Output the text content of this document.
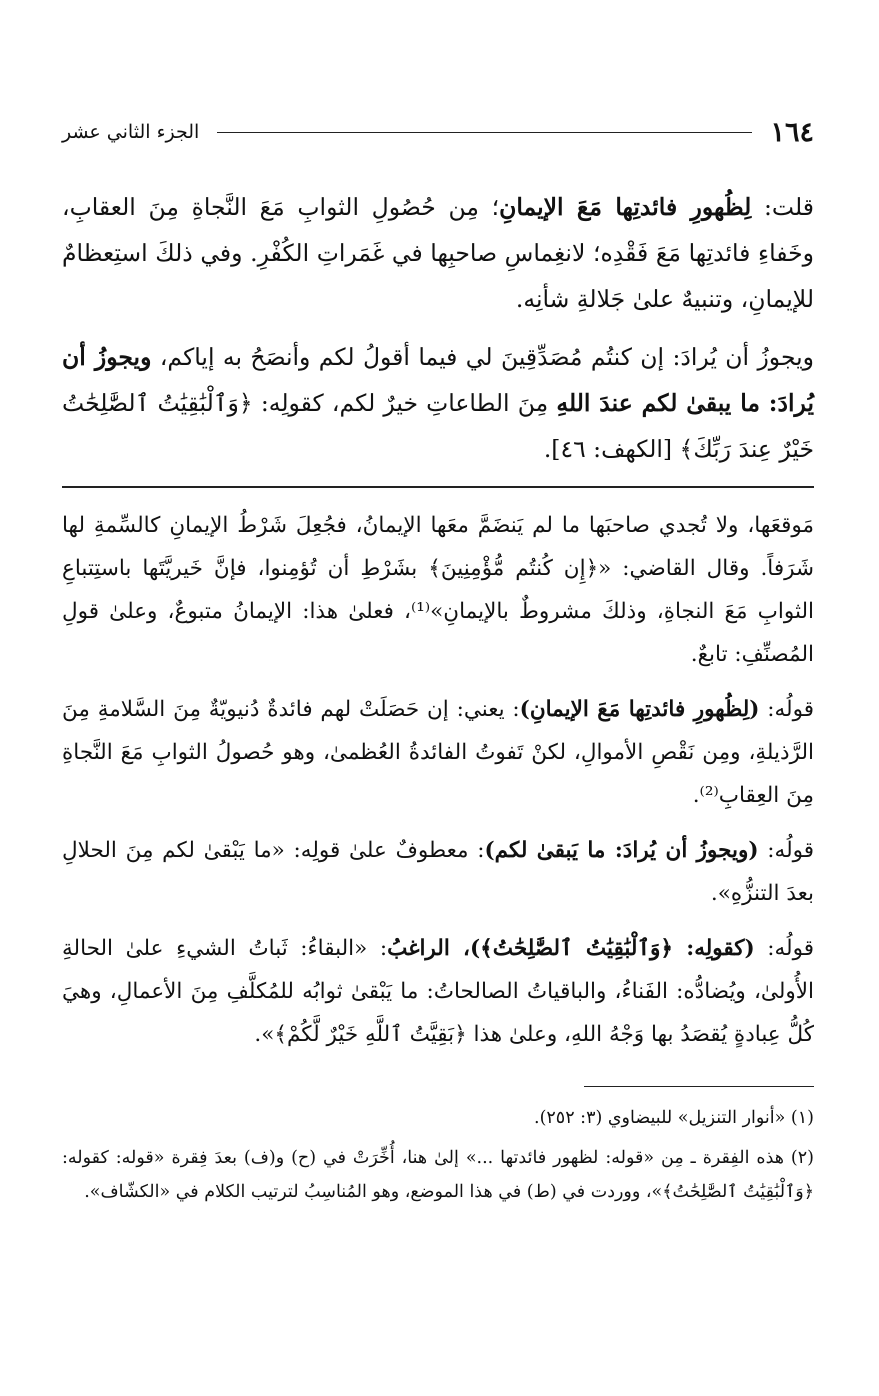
١٦٤
الجزء الثاني عشر

قلت: لِظُهورِ فائدتِها مَعَ الإيمانِ؛ مِن حُصُولِ الثوابِ مَعَ النَّجاةِ مِنَ العقابِ، وخَفاءِ فائدتِها مَعَ فَقْدِه؛ لانغِماسِ صاحبِها في غَمَراتِ الكُفْرِ. وفي ذلكَ استِعظامٌ للإيمانِ، وتنبيهٌ علىٰ جَلالةِ شأنِه.

ويجوزُ أن يُرادَ: إن كنتُم مُصَدِّقِينَ لي فيما أقولُ لكم وأنصَحُ به إياكم، ويجوزُ أن يُرادَ: ما يبقىٰ لكم عندَ اللهِ مِنَ الطاعاتِ خيرٌ لكم، كقولِه: ﴿وَٱلْبَٰقِيَٰتُ ٱلصَّٰلِحَٰتُ خَيْرٌ عِندَ رَبِّكَ﴾ [الكهف: ٤٦].

مَوقعَها، ولا تُجدي صاحبَها ما لم يَنضَمَّ معَها الإيمانُ، فجُعِلَ شَرْطُ الإيمانِ كالسِّمةِ لها شَرَفاً. وقال القاضي: «﴿إِن كُنتُم مُّؤْمِنِينَ﴾ بشَرْطِ أن تُؤمِنوا، فإنَّ خَيريَّتَها باستِتباعِ الثوابِ مَعَ النجاةِ، وذلكَ مشروطٌ بالإيمانِ»⁽¹⁾، فعلىٰ هذا: الإيمانُ متبوعٌ، وعلىٰ قولِ المُصنِّفِ: تابعٌ.

قولُه: (لِظُهورِ فائدتِها مَعَ الإيمانِ): يعني: إن حَصَلَتْ لهم فائدةٌ دُنيويّةٌ مِنَ السَّلامةِ مِنَ الرَّذيلةِ، ومِن نَقْصِ الأموالِ، لكنْ تَفوتُ الفائدةُ العُظمىٰ، وهو حُصولُ الثوابِ مَعَ النَّجاةِ مِنَ العِقابِ⁽²⁾.

قولُه: (ويجوزُ أن يُرادَ: ما يَبقىٰ لكم): معطوفٌ علىٰ قولِه: «ما يَبْقىٰ لكم مِنَ الحلالِ بعدَ التنزُّهِ».

قولُه: (كقولِه: ﴿وَٱلْبَٰقِيَٰتُ ٱلصَّٰلِحَٰتُ﴾)، الراغبُ: «البقاءُ: ثَباتُ الشيءِ علىٰ الحالةِ الأُولىٰ، ويُضادُّه: الفَناءُ، والباقياتُ الصالحاتُ: ما يَبْقىٰ ثوابُه للمُكلَّفِ مِنَ الأعمالِ، وهيَ كُلُّ عِبادةٍ يُقصَدُ بها وَجْهُ اللهِ، وعلىٰ هذا ﴿بَقِيَّتُ ٱللَّهِ خَيْرٌ لَّكُمْ﴾».

(١) «أنوار التنزيل» للبيضاوي (٣: ٢٥٢).

(٢) هذه الفِقرة ـ مِن «قوله: لظهور فائدتها ...» إلىٰ هنا، أُخِّرَتْ في (ح) و(ف) بعدَ فِقرة «قوله: كقوله: ﴿وَٱلْبَٰقِيَٰتُ ٱلصَّٰلِحَٰتُ﴾»، ووردت في (ط) في هذا الموضع، وهو المُناسِبُ لترتيب الكلام في «الكشّاف».
